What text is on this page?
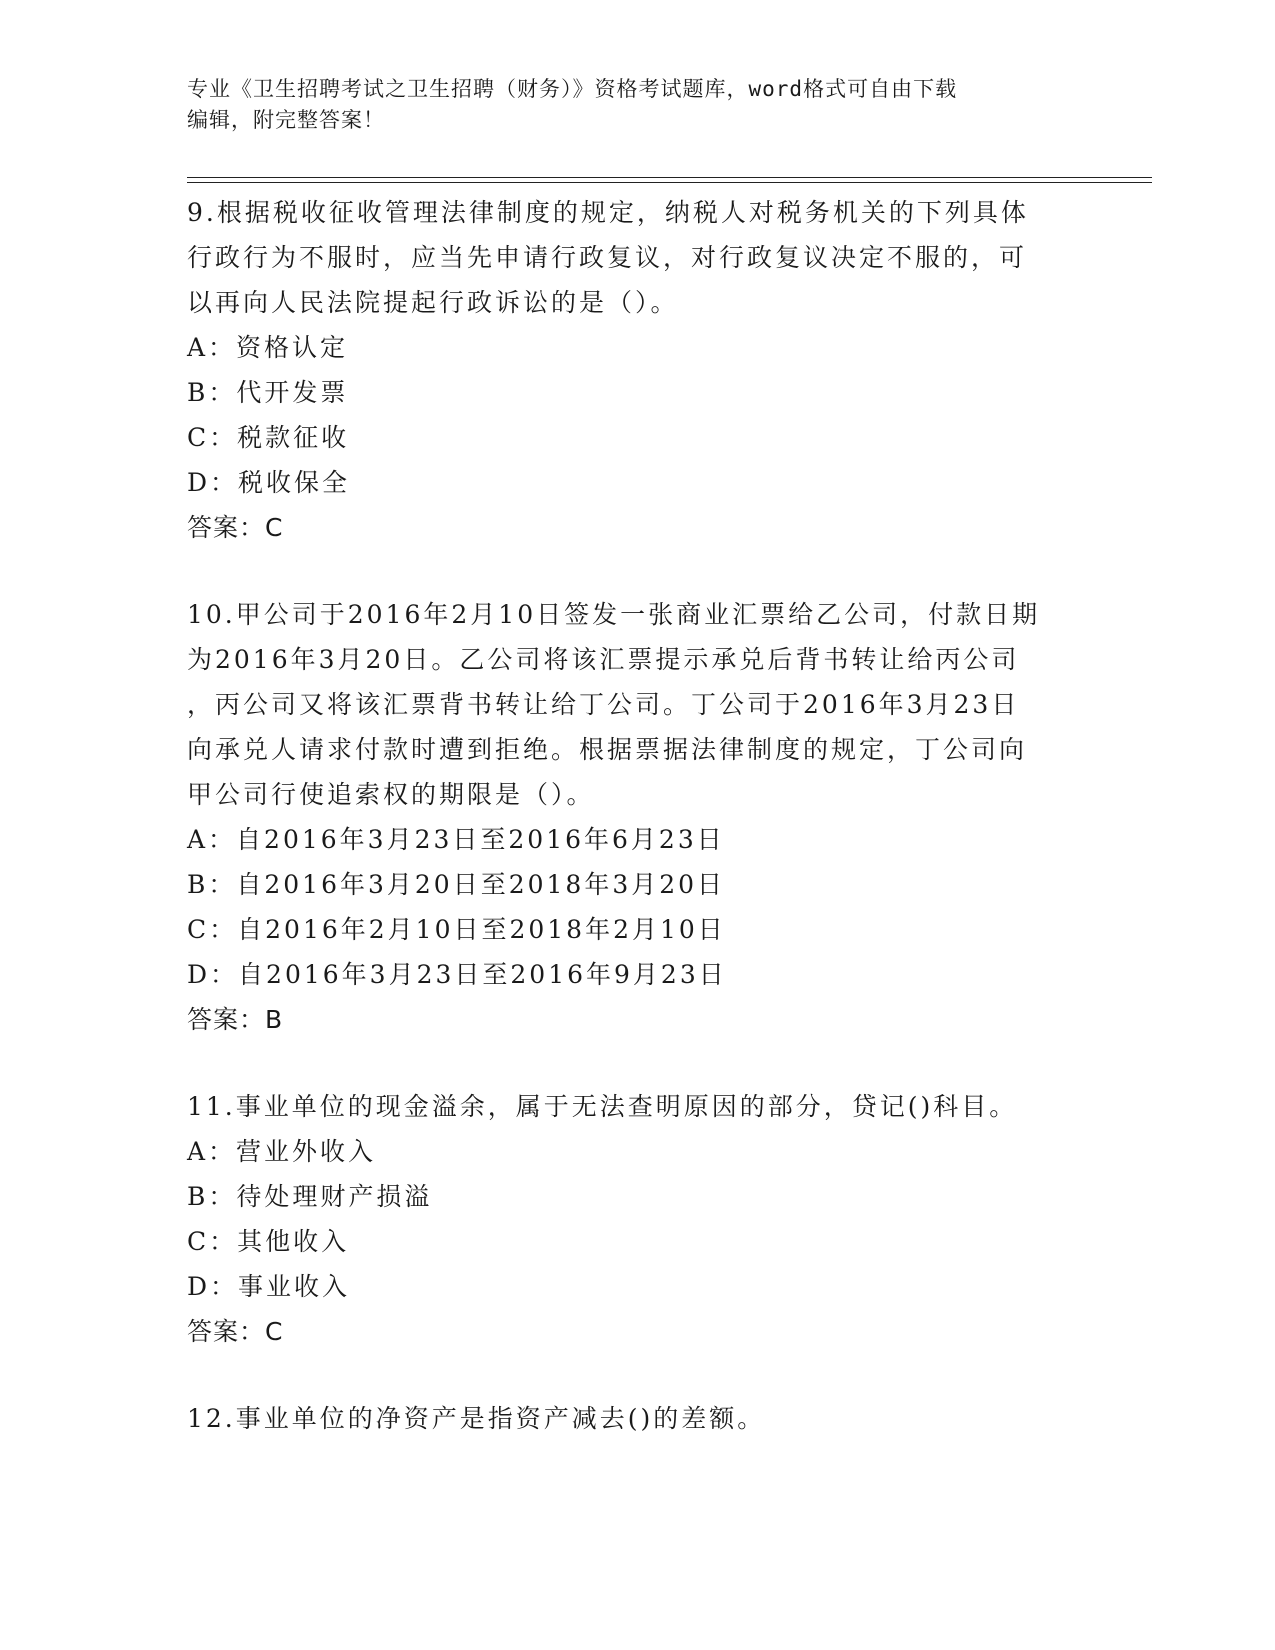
专业《卫生招聘考试之卫生招聘（财务）》资格考试题库，word格式可自由下载
编辑，附完整答案！

9.根据税收征收管理法律制度的规定，纳税人对税务机关的下列具体

行政行为不服时，应当先申请行政复议，对行政复议决定不服的，可

以再向人民法院提起行政诉讼的是（）。

A：资格认定

B：代开发票

C：税款征收

D：税收保全

答案：C

10.甲公司于2016年2月10日签发一张商业汇票给乙公司，付款日期

为2016年3月20日。乙公司将该汇票提示承兑后背书转让给丙公司

，丙公司又将该汇票背书转让给丁公司。丁公司于2016年3月23日

向承兑人请求付款时遭到拒绝。根据票据法律制度的规定，丁公司向

甲公司行使追索权的期限是（）。

A：自2016年3月23日至2016年6月23日

B：自2016年3月20日至2018年3月20日

C：自2016年2月10日至2018年2月10日

D：自2016年3月23日至2016年9月23日

答案：B

11.事业单位的现金溢余，属于无法查明原因的部分，贷记()科目。

A：营业外收入

B：待处理财产损溢

C：其他收入

D：事业收入

答案：C

12.事业单位的净资产是指资产减去()的差额。
